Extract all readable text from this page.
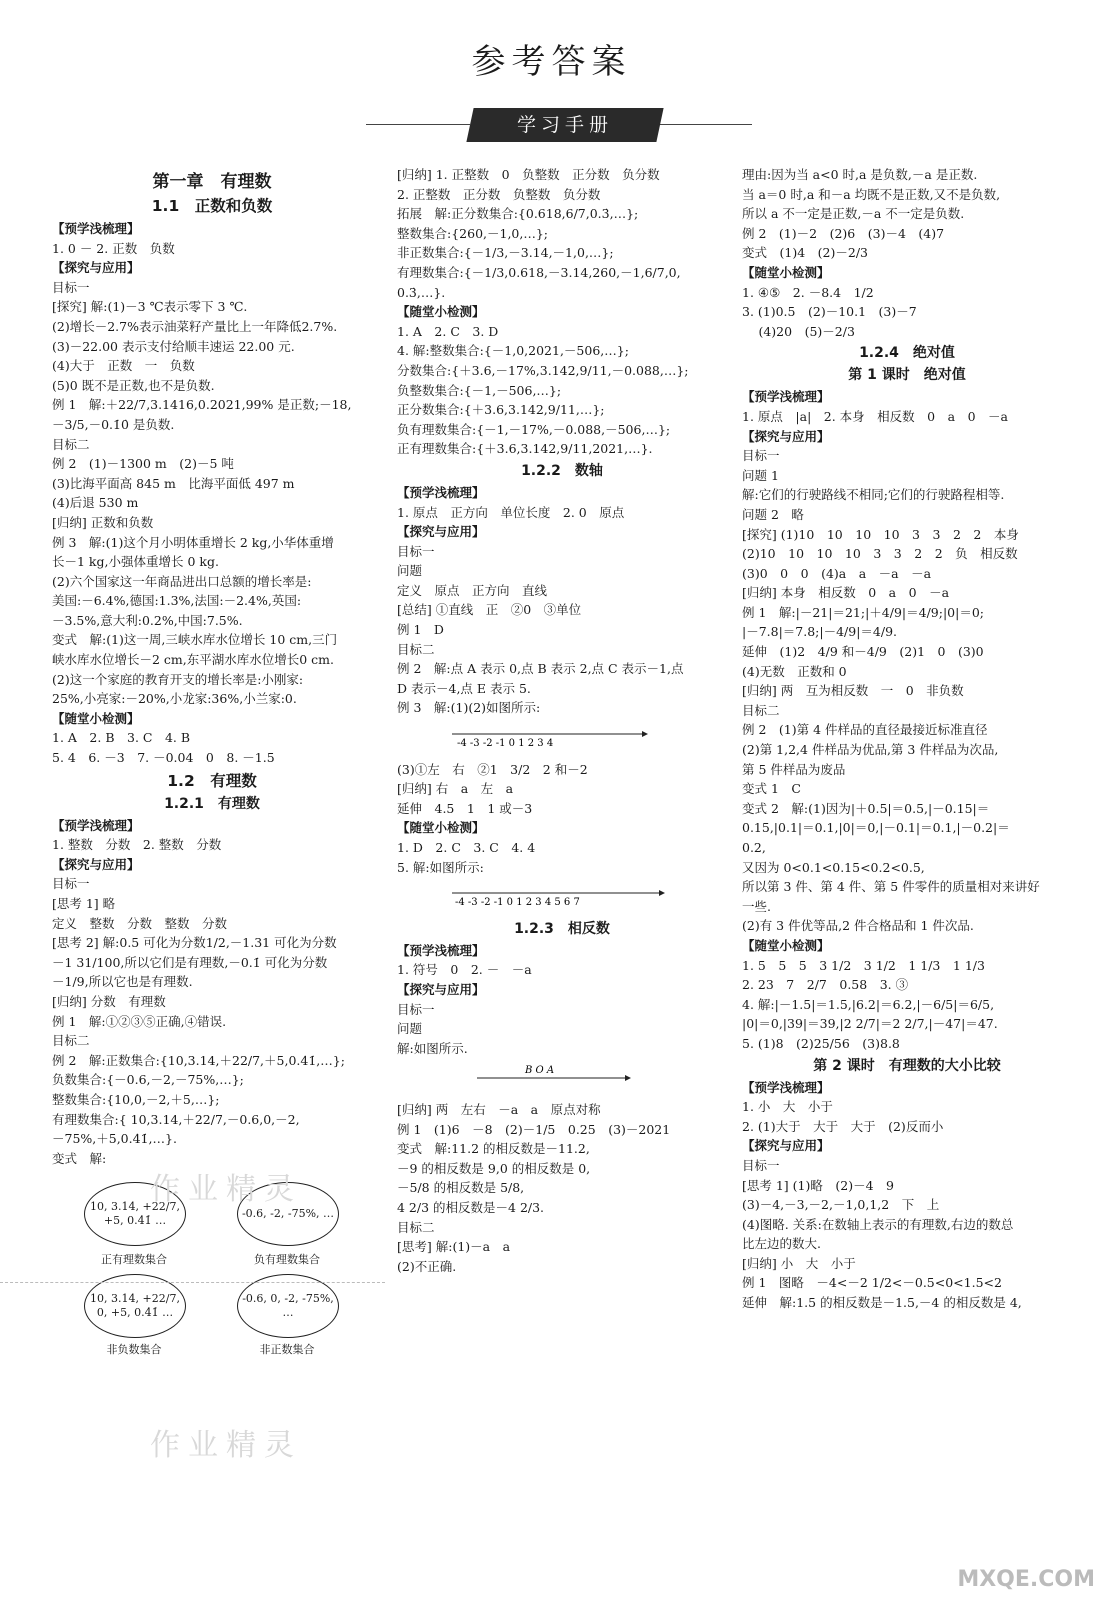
参考答案
学习手册
第一章　有理数
1.1　正数和负数

【预学浅梳理】

1. 0 － 2. 正数　负数

【探究与应用】

目标一

[探究] 解:(1)－3 ℃表示零下 3 ℃.

(2)增长－2.7%表示油菜籽产量比上一年降低2.7%.

(3)－22.00 表示支付给顺丰速运 22.00 元.

(4)大于　正数　一　负数

(5)0 既不是正数,也不是负数.

例 1　解:＋22/7,3.1416,0.2021,99% 是正数;－18,

－3/5,－0.1̇0̇ 是负数.

目标二

例 2　(1)－1300 m　(2)－5 吨

(3)比海平面高 845 m　比海平面低 497 m

(4)后退 530 m

[归纳] 正数和负数

例 3　解:(1)这个月小明体重增长 2 kg,小华体重增

长－1 kg,小强体重增长 0 kg.

(2)六个国家这一年商品进出口总额的增长率是:

美国:－6.4%,德国:1.3%,法国:－2.4%,英国:

－3.5%,意大利:0.2%,中国:7.5%.

变式　解:(1)这一周,三峡水库水位增长 10 cm,三门

峡水库水位增长－2 cm,东平湖水库水位增长0 cm.

(2)这一个家庭的教育开支的增长率是:小刚家:

25%,小亮家:－20%,小龙家:36%,小兰家:0.

【随堂小检测】

1. A　2. B　3. C　4. B

5. 4　6. －3　7. －0.04　0　8. －1.5

1.2　有理数
1.2.1　有理数

【预学浅梳理】

1. 整数　分数　2. 整数　分数

【探究与应用】

目标一

[思考 1] 略

定义　整数　分数　整数　分数

[思考 2] 解:0.5 可化为分数1/2,－1.31 可化为分数

－1 31/100,所以它们是有理数,－0.1̇ 可化为分数

－1/9,所以它也是有理数.

[归纳] 分数　有理数

例 1　解:①②③⑤正确,④错误.

目标二

例 2　解:正数集合:{10,3.14,＋22/7,＋5,0.4̇1̇,…};

负数集合:{－0.6,－2,－75%,…};

整数集合:{10,0,－2,＋5,…};

有理数集合:{ 10,3.14,＋22/7,－0.6,0,－2,

－75%,＋5,0.4̇1̇,…}.

变式　解:

10, 3.14, +22/7, +5, 0.4̇1̇ …
正有理数集合
-0.6, -2, -75%, …
负有理数集合
10, 3.14, +22/7, 0, +5, 0.4̇1̇ …
非负数集合
-0.6, 0, -2, -75%, …
非正数集合

[归纳] 1. 正整数　0　负整数　正分数　负分数

2. 正整数　正分数　负整数　负分数

拓展　解:正分数集合:{0.618,6/7,0.3̇,…};

整数集合:{260,－1,0,…};

非正数集合:{－1/3,－3.14,－1,0,…};

有理数集合:{－1/3,0.618,－3.14,260,－1,6/7,0,

0.3̇,…}.

【随堂小检测】

1. A　2. C　3. D

4. 解:整数集合:{－1,0,2021,－506,…};

分数集合:{＋3.6,－17%,3.142,9/11,－0.088,…};

负整数集合:{－1,－506,…};

正分数集合:{＋3.6,3.142,9/11,…};

负有理数集合:{－1,－17%,－0.088,－506,…};

正有理数集合:{＋3.6,3.142,9/11,2021,…}.

1.2.2　数轴

【预学浅梳理】

1. 原点　正方向　单位长度　2. 0　原点

【探究与应用】

目标一

问题

定义　原点　正方向　直线

[总结] ①直线　正　②0　③单位

例 1　D

目标二

例 2　解:点 A 表示 0,点 B 表示 2,点 C 表示－1,点

D 表示－4,点 E 表示 5.

例 3　解:(1)(2)如图所示:

-4 -3 -2 -1 0 1 2 3 4

(3)①左　右　②1　3/2　2 和－2

[归纳] 右　a　左　a

延伸　4.5　1　1 或－3

【随堂小检测】

1. D　2. C　3. C　4. 4

5. 解:如图所示:

-4 -3 -2 -1 0 1 2 3 4 5 6 7
1.2.3　相反数

【预学浅梳理】

1. 符号　0　2. －　－a

【探究与应用】

目标一

问题

解:如图所示.

B O A

[归纳] 两　左右　－a　a　原点对称

例 1　(1)6　－8　(2)－1/5　0.25　(3)－2021

变式　解:11.2 的相反数是－11.2,

－9 的相反数是 9,0 的相反数是 0,

－5/8 的相反数是 5/8,

4 2/3 的相反数是－4 2/3.

目标二

[思考] 解:(1)－a　a

(2)不正确.

理由:因为当 a<0 时,a 是负数,－a 是正数.

当 a＝0 时,a 和－a 均既不是正数,又不是负数,

所以 a 不一定是正数,－a 不一定是负数.

例 2　(1)－2　(2)6　(3)－4　(4)7

变式　(1)4　(2)－2/3

【随堂小检测】

1. ④⑤　2. －8.4　1/2

3. (1)0.5　(2)－10.1　(3)－7

　 (4)20　(5)－2/3

1.2.4　绝对值
第 1 课时　绝对值

【预学浅梳理】

1. 原点　|a|　2. 本身　相反数　0　a　0　－a

【探究与应用】

目标一

问题 1

解:它们的行驶路线不相同;它们的行驶路程相等.

问题 2　略

[探究] (1)10　10　10　10　3　3　2　2　本身

(2)10　10　10　10　3　3　2　2　负　相反数

(3)0　0　0　(4)a　a　－a　－a

[归纳] 本身　相反数　0　a　0　－a

例 1　解:|－21|＝21;|＋4/9|＝4/9;|0|＝0;

|－7.8|＝7.8;|－4/9|＝4/9.

延伸　(1)2　4/9 和－4/9　(2)1　0　(3)0

(4)无数　正数和 0

[归纳] 两　互为相反数　一　0　非负数

目标二

例 2　(1)第 4 件样品的直径最接近标准直径

(2)第 1,2,4 件样品为优品,第 3 件样品为次品,

第 5 件样品为废品

变式 1　C

变式 2　解:(1)因为|＋0.5|＝0.5,|－0.15|＝

0.15,|0.1|＝0.1,|0|＝0,|－0.1|＝0.1,|－0.2|＝

0.2,

又因为 0<0.1<0.15<0.2<0.5,

所以第 3 件、第 4 件、第 5 件零件的质量相对来讲好

一些.

(2)有 3 件优等品,2 件合格品和 1 件次品.

【随堂小检测】

1. 5　5　5　3 1/2　3 1/2　1 1/3　1 1/3

2. 23　7　2/7　0.58　3. ③

4. 解:|－1.5|＝1.5,|6.2|＝6.2,|－6/5|＝6/5,

|0|＝0,|39|＝39,|2 2/7|＝2 2/7,|－47|＝47.

5. (1)8　(2)25/56　(3)8.8

第 2 课时　有理数的大小比较

【预学浅梳理】

1. 小　大　小于

2. (1)大于　大于　大于　(2)反而小

【探究与应用】

目标一

[思考 1] (1)略　(2)－4　9

(3)－4,－3,－2,－1,0,1,2　下　上

(4)图略. 关系:在数轴上表示的有理数,右边的数总

比左边的数大.

[归纳] 小　大　小于

例 1　图略　－4<－2 1/2<－0.5<0<1.5<2

延伸　解:1.5 的相反数是－1.5,－4 的相反数是 4,

作业精灵
作业精灵
MXQE.COM
